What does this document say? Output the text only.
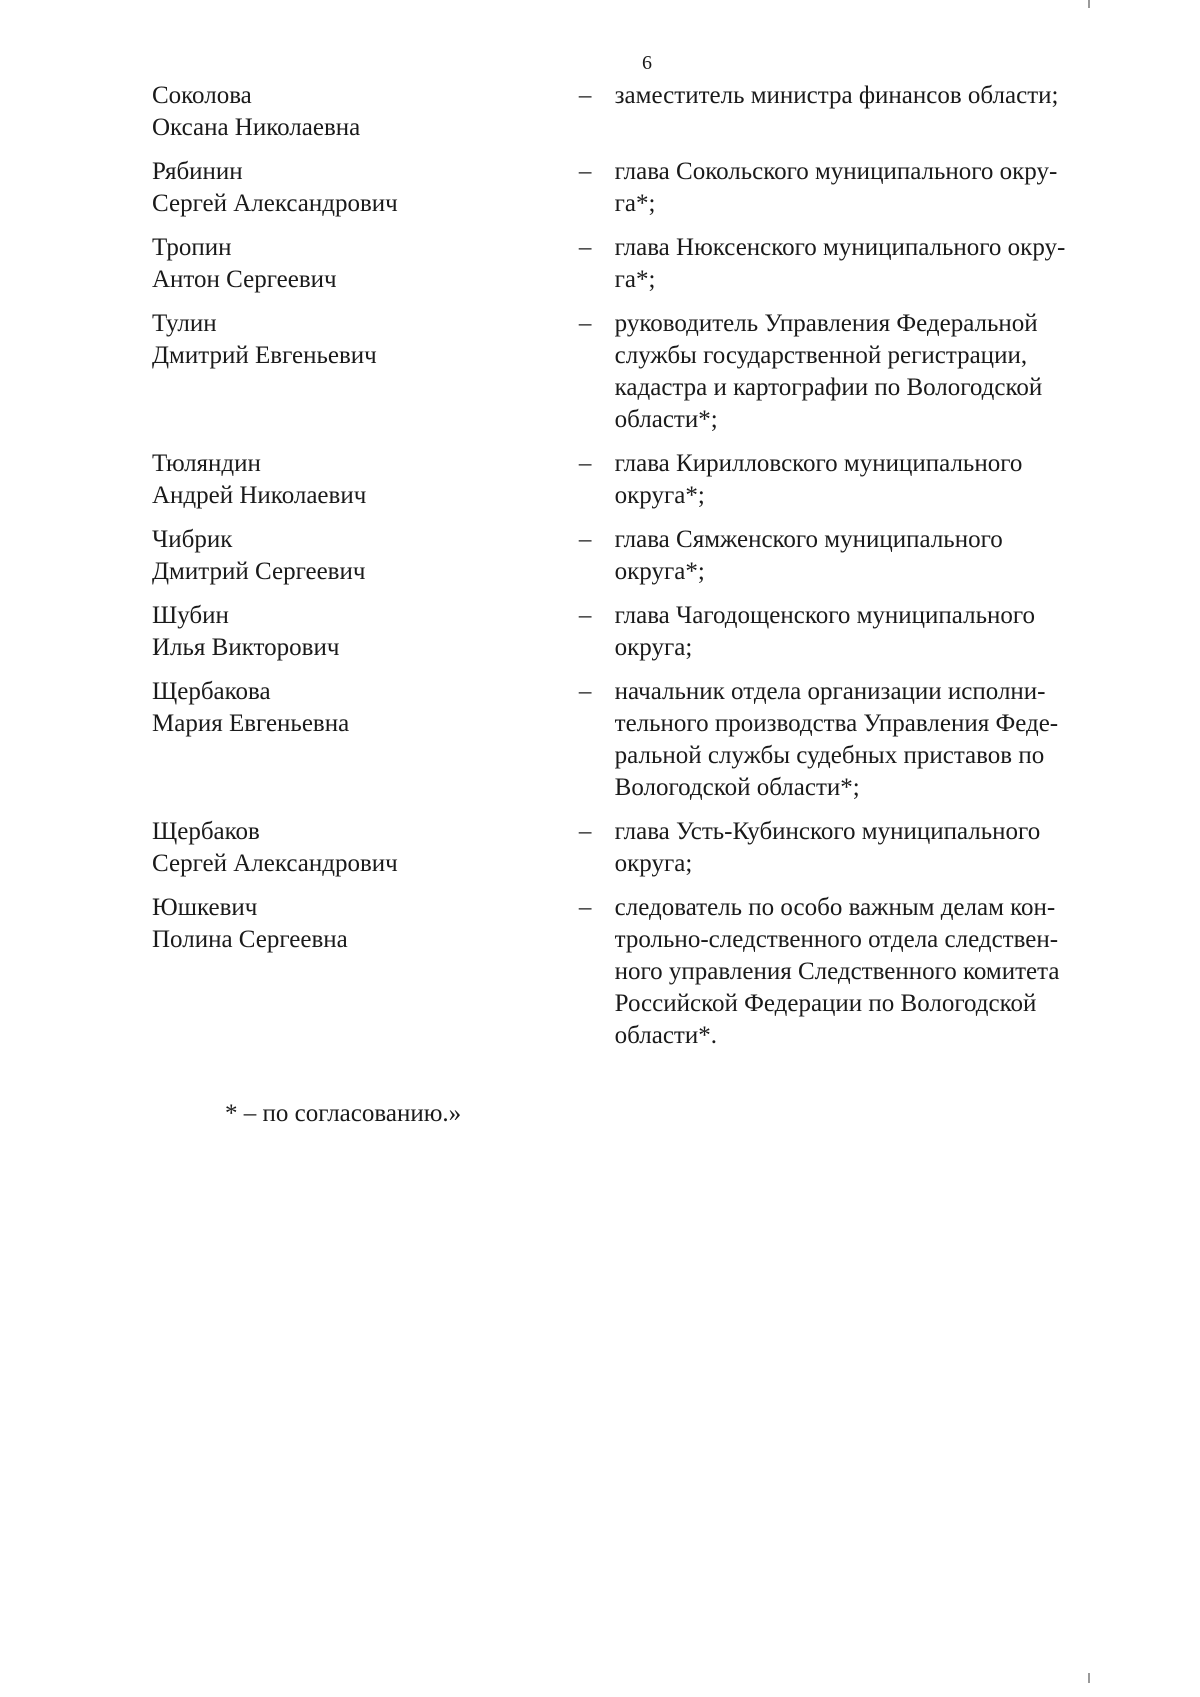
6
Соколова
Оксана Николаевна
– заместитель министра финансов области;
Рябинин
Сергей Александрович
– глава Сокольского муниципального окру-
га*;
Тропин
Антон Сергеевич
– глава Нюксенского муниципального окру-
га*;
Тулин
Дмитрий Евгеньевич
– руководитель Управления Федеральной
службы государственной регистрации,
кадастра и картографии по Вологодской
области*;
Тюляндин
Андрей Николаевич
– глава Кирилловского муниципального
округа*;
Чибрик
Дмитрий Сергеевич
– глава Сямженского муниципального
округа*;
Шубин
Илья Викторович
– глава Чагодощенского муниципального
округа;
Щербакова
Мария Евгеньевна
– начальник отдела организации исполни-
тельного производства Управления Феде-
ральной службы судебных приставов по
Вологодской области*;
Щербаков
Сергей Александрович
– глава Усть-Кубинского муниципального
округа;
Юшкевич
Полина Сергеевна
– следователь по особо важным делам кон-
трольно-следственного отдела следствен-
ного управления Следственного комитета
Российской Федерации по Вологодской
области*.
* – по согласованию.»
